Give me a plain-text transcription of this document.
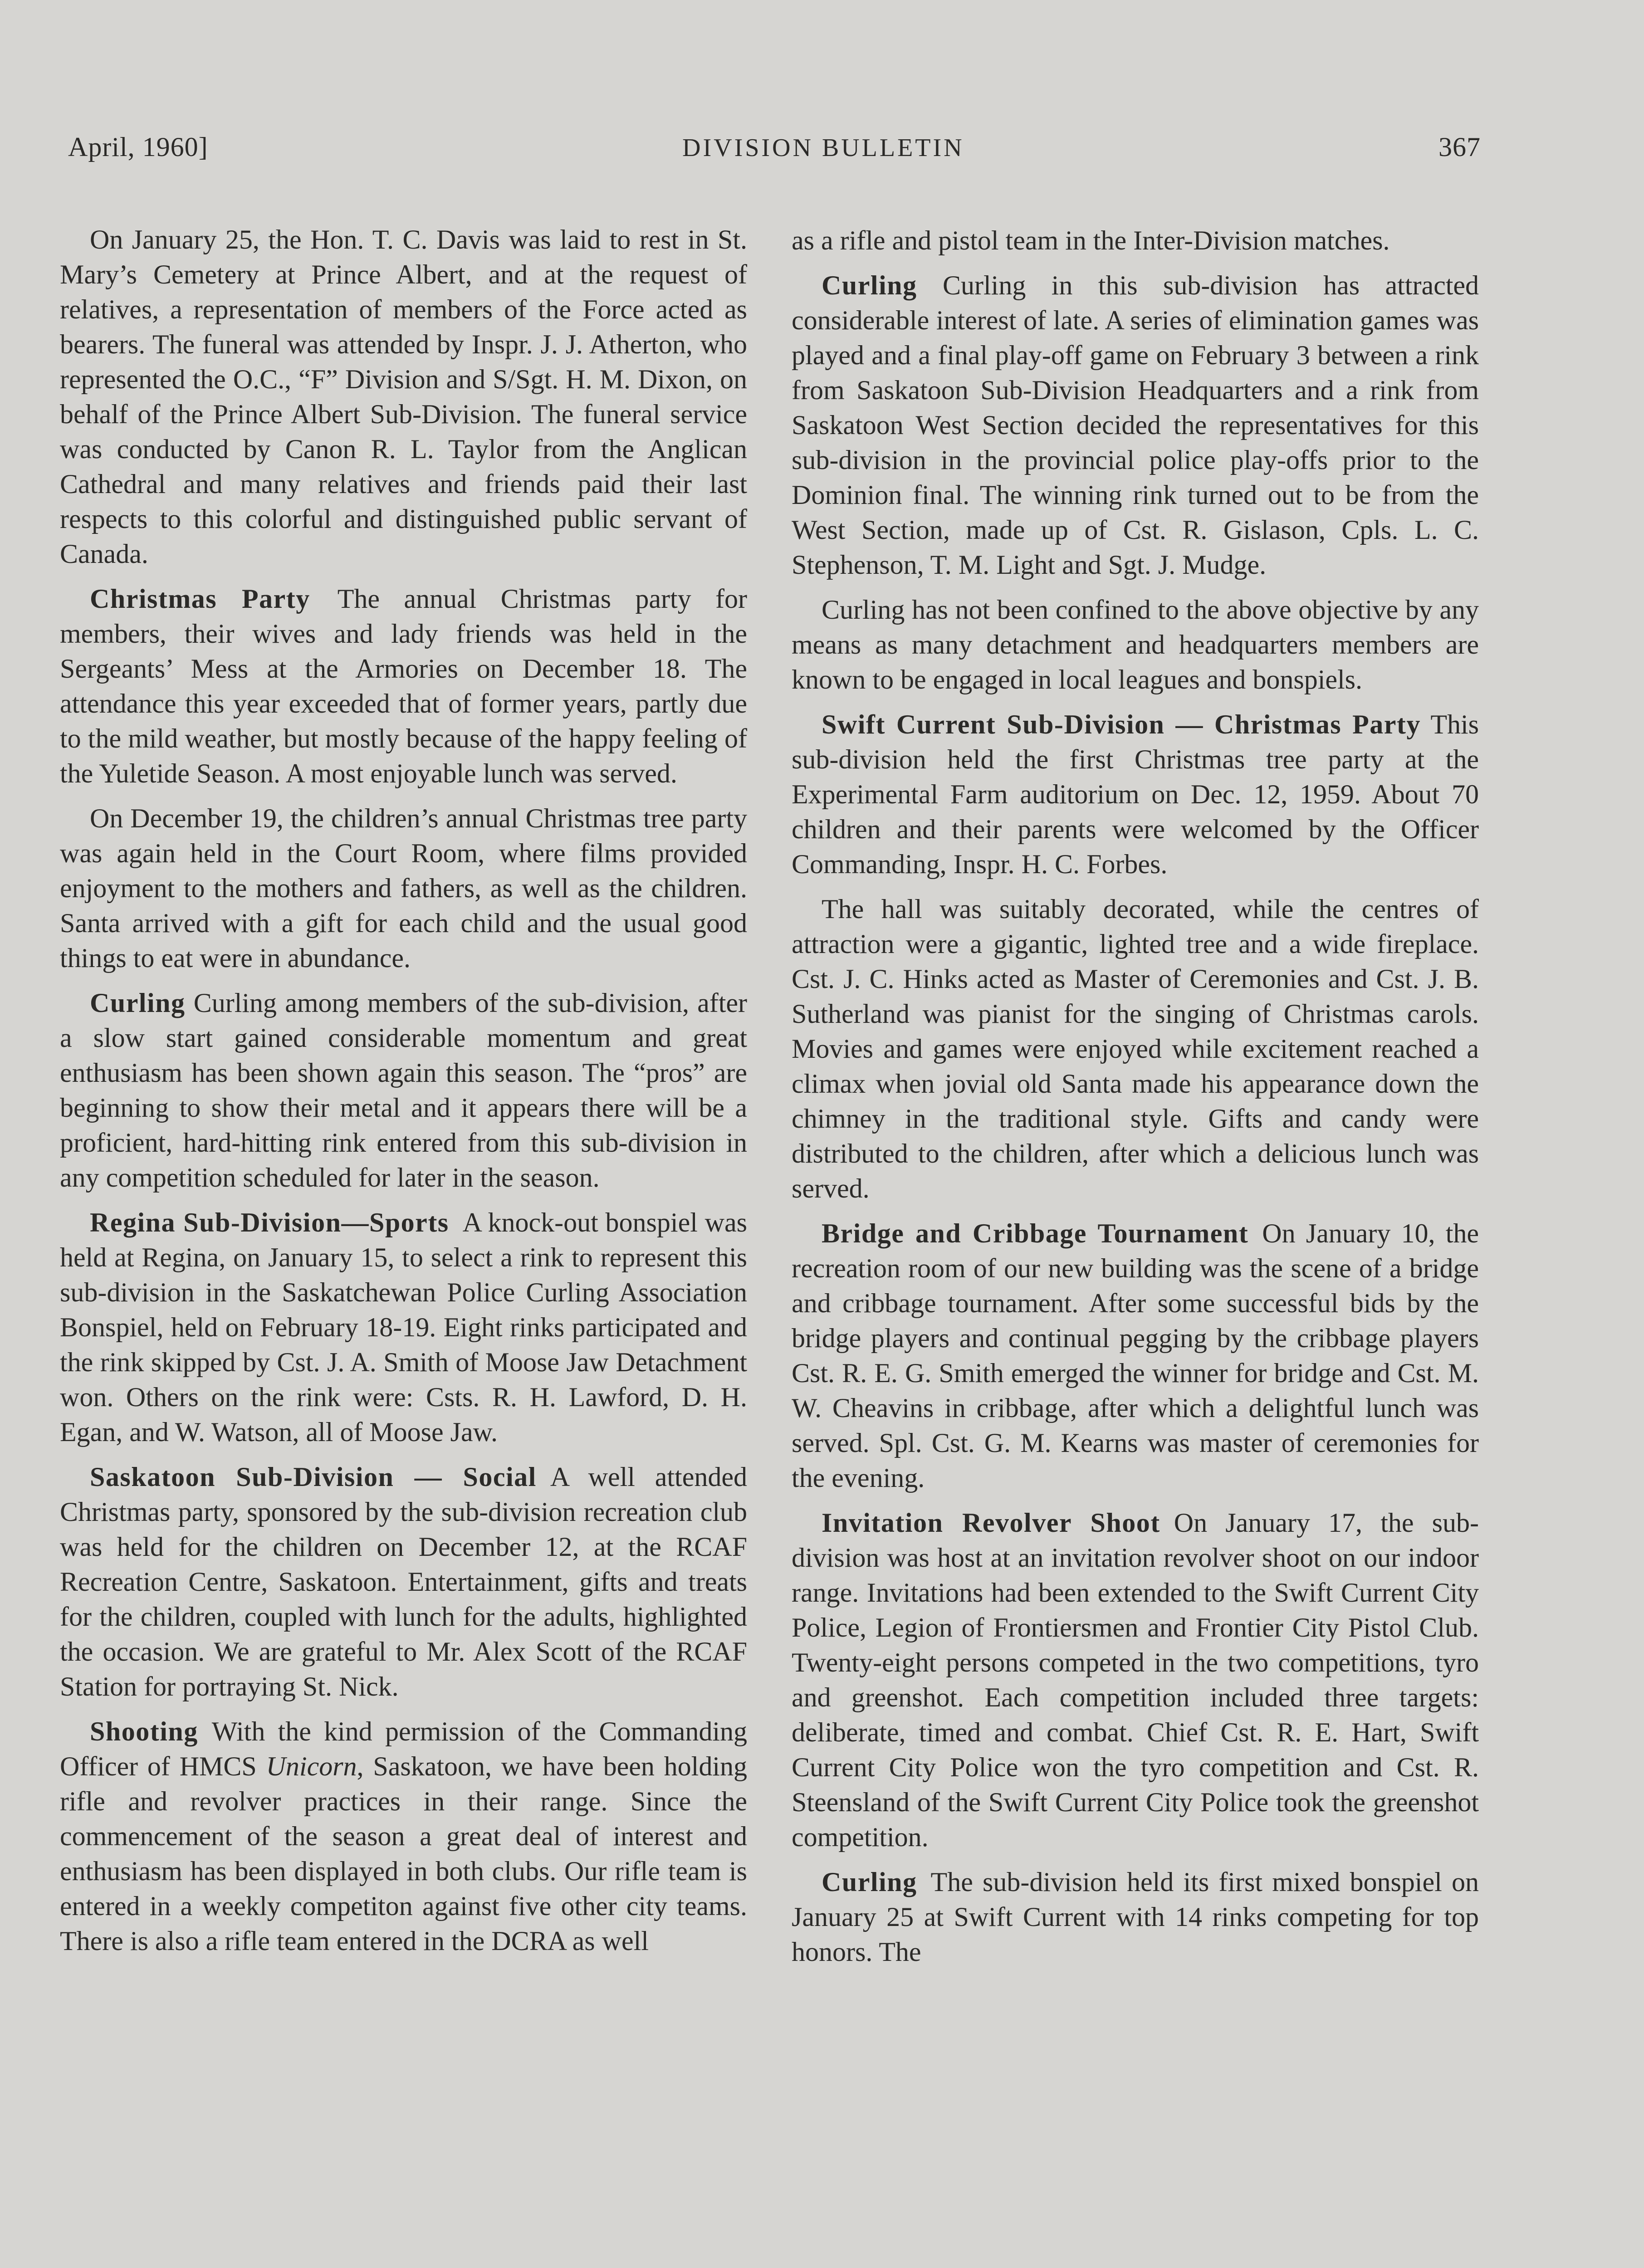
April, 1960]	DIVISION BULLETIN	367

On January 25, the Hon. T. C. Davis was laid to rest in St. Mary’s Cemetery at Prince Albert, and at the request of relatives, a representation of members of the Force acted as bearers. The funeral was attended by Inspr. J. J. Atherton, who represented the O.C., “F” Division and S/Sgt. H. M. Dixon, on behalf of the Prince Albert Sub-Division. The funeral service was conducted by Canon R. L. Taylor from the Anglican Cathedral and many relatives and friends paid their last respects to this colorful and distinguished public servant of Canada.

Christmas Party  The annual Christmas party for members, their wives and lady friends was held in the Sergeants’ Mess at the Armories on December 18. The attendance this year exceeded that of former years, partly due to the mild weather, but mostly because of the happy feeling of the Yuletide Season. A most enjoyable lunch was served.

On December 19, the children’s annual Christmas tree party was again held in the Court Room, where films provided enjoyment to the mothers and fathers, as well as the children. Santa arrived with a gift for each child and the usual good things to eat were in abundance.

Curling Curling among members of the sub-division, after a slow start gained considerable momentum and great enthusiasm has been shown again this season. The “pros” are beginning to show their metal and it appears there will be a proficient, hard-hitting rink entered from this sub-division in any competition scheduled for later in the season.

Regina Sub-Division—Sports  A knock-out bonspiel was held at Regina, on January 15, to select a rink to represent this sub-division in the Saskatchewan Police Curling Association Bonspiel, held on February 18-19. Eight rinks participated and the rink skipped by Cst. J. A. Smith of Moose Jaw Detachment won. Others on the rink were: Csts. R. H. Lawford, D. H. Egan, and W. Watson, all of Moose Jaw.

Saskatoon Sub-Division — Social  A well attended Christmas party, sponsored by the sub-division recreation club was held for the children on December 12, at the RCAF Recreation Centre, Saskatoon. Entertainment, gifts and treats for the children, coupled with lunch for the adults, highlighted the occasion. We are grateful to Mr. Alex Scott of the RCAF Station for portraying St. Nick.

Shooting  With the kind permission of the Commanding Officer of HMCS Unicorn, Saskatoon, we have been holding rifle and revolver practices in their range. Since the commencement of the season a great deal of interest and enthusiasm has been displayed in both clubs. Our rifle team is entered in a weekly competiton against five other city teams. There is also a rifle team entered in the DCRA as well

as a rifle and pistol team in the Inter-Division matches.

Curling Curling in this sub-division has attracted considerable interest of late. A series of elimination games was played and a final play-off game on February 3 between a rink from Saskatoon Sub-Division Headquarters and a rink from Saskatoon West Section decided the representatives for this sub-division in the provincial police play-offs prior to the Dominion final. The winning rink turned out to be from the West Section, made up of Cst. R. Gislason, Cpls. L. C. Stephenson, T. M. Light and Sgt. J. Mudge.

Curling has not been confined to the above objective by any means as many detachment and headquarters members are known to be engaged in local leagues and bonspiels.

Swift Current Sub-Division — Christmas Party This sub-division held the first Christmas tree party at the Experimental Farm auditorium on Dec. 12, 1959. About 70 children and their parents were welcomed by the Officer Commanding, Inspr. H. C. Forbes.

The hall was suitably decorated, while the centres of attraction were a gigantic, lighted tree and a wide fireplace. Cst. J. C. Hinks acted as Master of Ceremonies and Cst. J. B. Sutherland was pianist for the singing of Christmas carols. Movies and games were enjoyed while excitement reached a climax when jovial old Santa made his appearance down the chimney in the traditional style. Gifts and candy were distributed to the children, after which a delicious lunch was served.

Bridge and Cribbage Tournament  On January 10, the recreation room of our new building was the scene of a bridge and cribbage tournament. After some successful bids by the bridge players and continual pegging by the cribbage players Cst. R. E. G. Smith emerged the winner for bridge and Cst. M. W. Cheavins in cribbage, after which a delightful lunch was served. Spl. Cst. G. M. Kearns was master of ceremonies for the evening.

Invitation Revolver Shoot  On January 17, the sub-division was host at an invitation revolver shoot on our indoor range. Invitations had been extended to the Swift Current City Police, Legion of Frontiersmen and Frontier City Pistol Club. Twenty-eight persons competed in the two competitions, tyro and greenshot. Each competition included three targets: deliberate, timed and combat. Chief Cst. R. E. Hart, Swift Current City Police won the tyro competition and Cst. R. Steensland of the Swift Current City Police took the greenshot competition.

Curling  The sub-division held its first mixed bonspiel on January 25 at Swift Current with 14 rinks competing for top honors. The
